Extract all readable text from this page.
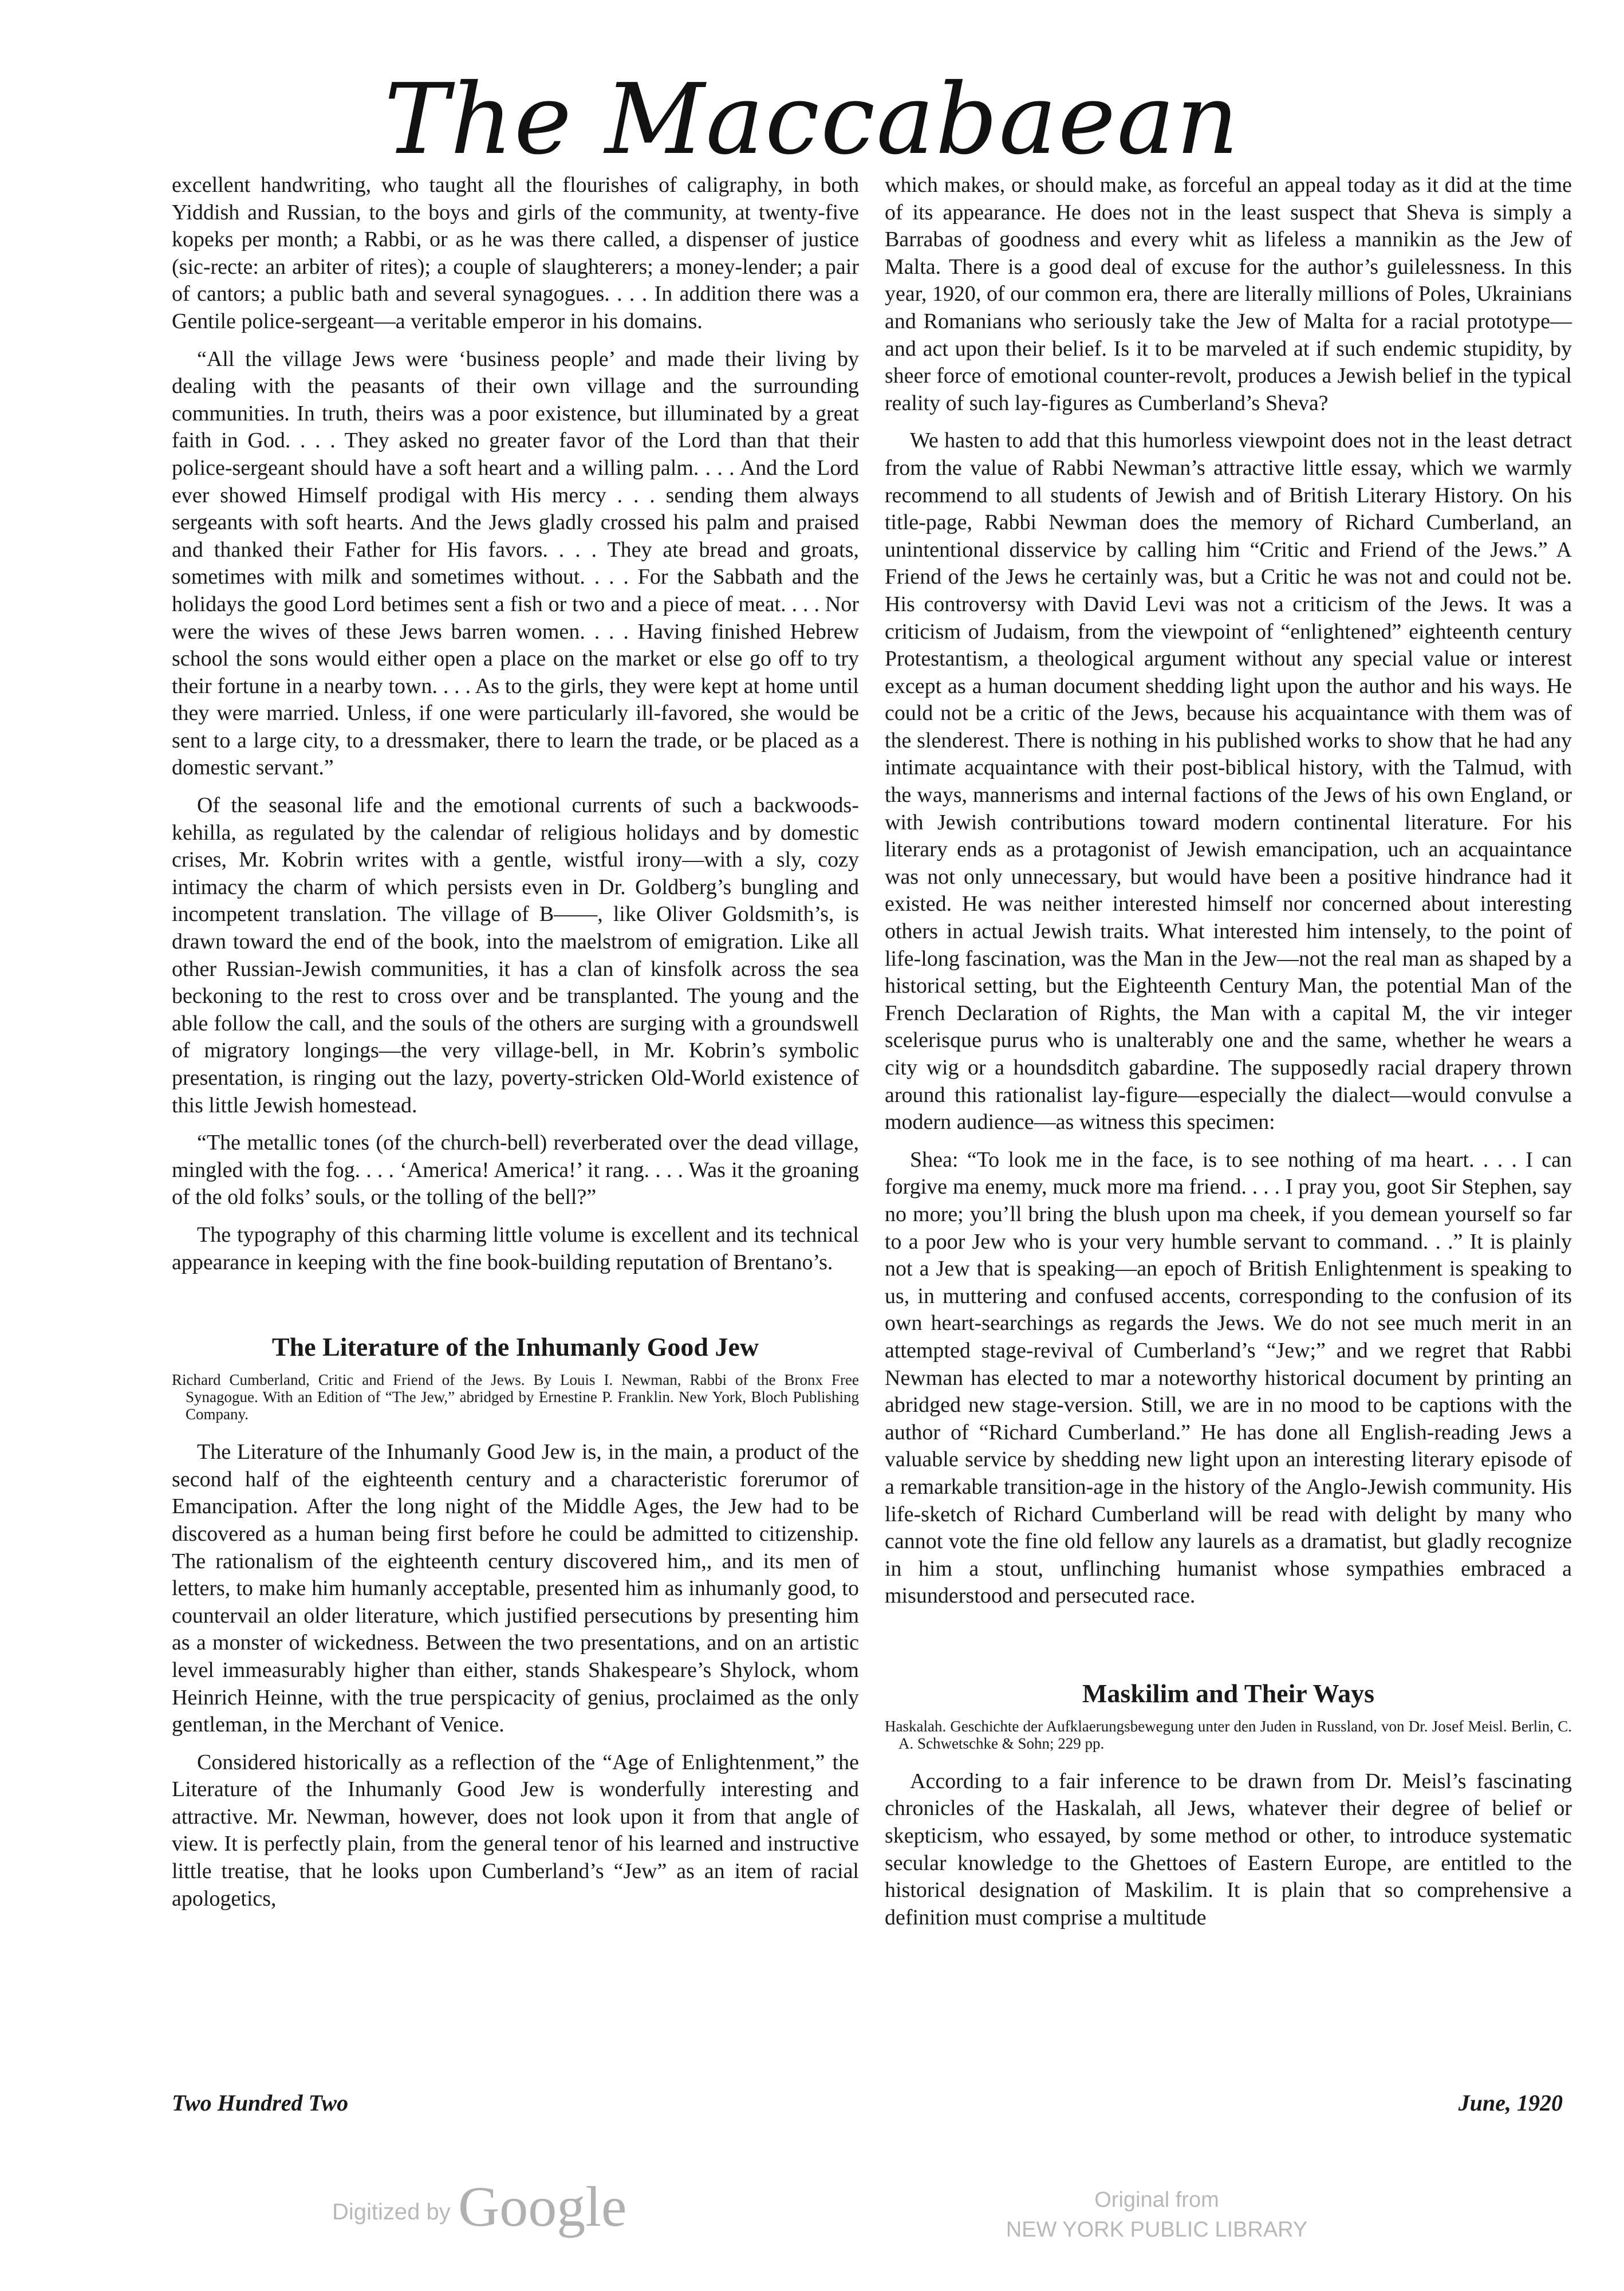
The Maccabaean

excellent handwriting, who taught all the flourishes of caligraphy, in both Yiddish and Russian, to the boys and girls of the community, at twenty-five kopeks per month; a Rabbi, or as he was there called, a dispenser of justice (sic-recte: an arbiter of rites); a couple of slaughterers; a money-lender; a pair of cantors; a public bath and several synagogues. . . . In addition there was a Gentile police-sergeant—a veritable emperor in his domains.

“All the village Jews were ‘business people’ and made their living by dealing with the peasants of their own village and the surrounding communities. In truth, theirs was a poor existence, but illuminated by a great faith in God. . . . They asked no greater favor of the Lord than that their police-sergeant should have a soft heart and a willing palm. . . . And the Lord ever showed Himself prodigal with His mercy . . . sending them always sergeants with soft hearts. And the Jews gladly crossed his palm and praised and thanked their Father for His favors. . . . They ate bread and groats, sometimes with milk and sometimes without. . . . For the Sabbath and the holidays the good Lord betimes sent a fish or two and a piece of meat. . . . Nor were the wives of these Jews barren women. . . . Having finished Hebrew school the sons would either open a place on the market or else go off to try their fortune in a nearby town. . . . As to the girls, they were kept at home until they were married. Unless, if one were particularly ill-favored, she would be sent to a large city, to a dressmaker, there to learn the trade, or be placed as a domestic servant.”

Of the seasonal life and the emotional currents of such a backwoods-kehilla, as regulated by the calendar of religious holidays and by domestic crises, Mr. Kobrin writes with a gentle, wistful irony—with a sly, cozy intimacy the charm of which persists even in Dr. Goldberg’s bungling and incompetent translation. The village of B——, like Oliver Goldsmith’s, is drawn toward the end of the book, into the maelstrom of emigration. Like all other Russian-Jewish communities, it has a clan of kinsfolk across the sea beckoning to the rest to cross over and be transplanted. The young and the able follow the call, and the souls of the others are surging with a groundswell of migratory longings—the very village-bell, in Mr. Kobrin’s symbolic presentation, is ringing out the lazy, poverty-stricken Old-World existence of this little Jewish homestead.

“The metallic tones (of the church-bell) reverberated over the dead village, mingled with the fog. . . . ‘America! America!’ it rang. . . . Was it the groaning of the old folks’ souls, or the tolling of the bell?”

The typography of this charming little volume is excellent and its technical appearance in keeping with the fine book-building reputation of Brentano’s.

The Literature of the Inhumanly Good Jew

Richard Cumberland, Critic and Friend of the Jews. By Louis I. Newman, Rabbi of the Bronx Free Synagogue. With an Edition of “The Jew,” abridged by Ernestine P. Franklin. New York, Bloch Publishing Company.

The Literature of the Inhumanly Good Jew is, in the main, a product of the second half of the eighteenth century and a characteristic forerumor of Emancipation. After the long night of the Middle Ages, the Jew had to be discovered as a human being first before he could be admitted to citizenship. The rationalism of the eighteenth century discovered him,, and its men of letters, to make him humanly acceptable, presented him as inhumanly good, to countervail an older literature, which justified persecutions by presenting him as a monster of wickedness. Between the two presentations, and on an artistic level immeasurably higher than either, stands Shakespeare’s Shylock, whom Heinrich Heinne, with the true perspicacity of genius, proclaimed as the only gentleman, in the Merchant of Venice.

Considered historically as a reflection of the “Age of Enlightenment,” the Literature of the Inhumanly Good Jew is wonderfully interesting and attractive. Mr. Newman, however, does not look upon it from that angle of view. It is perfectly plain, from the general tenor of his learned and instructive little treatise, that he looks upon Cumberland’s “Jew” as an item of racial apologetics,

which makes, or should make, as forceful an appeal today as it did at the time of its appearance. He does not in the least suspect that Sheva is simply a Barrabas of goodness and every whit as lifeless a mannikin as the Jew of Malta. There is a good deal of excuse for the author’s guilelessness. In this year, 1920, of our common era, there are literally millions of Poles, Ukrainians and Romanians who seriously take the Jew of Malta for a racial prototype—and act upon their belief. Is it to be marveled at if such endemic stupidity, by sheer force of emotional counter-revolt, produces a Jewish belief in the typical reality of such lay-figures as Cumberland’s Sheva?

We hasten to add that this humorless viewpoint does not in the least detract from the value of Rabbi Newman’s attractive little essay, which we warmly recommend to all students of Jewish and of British Literary History. On his title-page, Rabbi Newman does the memory of Richard Cumberland, an unintentional disservice by calling him “Critic and Friend of the Jews.” A Friend of the Jews he certainly was, but a Critic he was not and could not be. His controversy with David Levi was not a criticism of the Jews. It was a criticism of Judaism, from the viewpoint of “enlightened” eighteenth century Protestantism, a theological argument without any special value or interest except as a human document shedding light upon the author and his ways. He could not be a critic of the Jews, because his acquaintance with them was of the slenderest. There is nothing in his published works to show that he had any intimate acquaintance with their post-biblical history, with the Talmud, with the ways, mannerisms and internal factions of the Jews of his own England, or with Jewish contributions toward modern continental literature. For his literary ends as a protagonist of Jewish emancipation, uch an acquaintance was not only unnecessary, but would have been a positive hindrance had it existed. He was neither interested himself nor concerned about interesting others in actual Jewish traits. What interested him intensely, to the point of life-long fascination, was the Man in the Jew—not the real man as shaped by a historical setting, but the Eighteenth Century Man, the potential Man of the French Declaration of Rights, the Man with a capital M, the vir integer scelerisque purus who is unalterably one and the same, whether he wears a city wig or a houndsditch gabardine. The supposedly racial drapery thrown around this rationalist lay-figure—especially the dialect—would convulse a modern audience—as witness this specimen:

Shea: “To look me in the face, is to see nothing of ma heart. . . . I can forgive ma enemy, muck more ma friend. . . . I pray you, goot Sir Stephen, say no more; you’ll bring the blush upon ma cheek, if you demean yourself so far to a poor Jew who is your very humble servant to command. . .” It is plainly not a Jew that is speaking—an epoch of British Enlightenment is speaking to us, in muttering and confused accents, corresponding to the confusion of its own heart-searchings as regards the Jews. We do not see much merit in an attempted stage-revival of Cumberland’s “Jew;” and we regret that Rabbi Newman has elected to mar a noteworthy historical document by printing an abridged new stage-version. Still, we are in no mood to be captions with the author of “Richard Cumberland.” He has done all English-reading Jews a valuable service by shedding new light upon an interesting literary episode of a remarkable transition-age in the history of the Anglo-Jewish community. His life-sketch of Richard Cumberland will be read with delight by many who cannot vote the fine old fellow any laurels as a dramatist, but gladly recognize in him a stout, unflinching humanist whose sympathies embraced a misunderstood and persecuted race.

Maskilim and Their Ways

Haskalah. Geschichte der Aufklaerungsbewegung unter den Juden in Russland, von Dr. Josef Meisl. Berlin, C. A. Schwetschke & Sohn; 229 pp.

According to a fair inference to be drawn from Dr. Meisl’s fascinating chronicles of the Haskalah, all Jews, whatever their degree of belief or skepticism, who essayed, by some method or other, to introduce systematic secular knowledge to the Ghettoes of Eastern Europe, are entitled to the historical designation of Maskilim. It is plain that so comprehensive a definition must comprise a multitude

Two Hundred Two	June, 1920
Digitized by Google	Original from
NEW YORK PUBLIC LIBRARY
